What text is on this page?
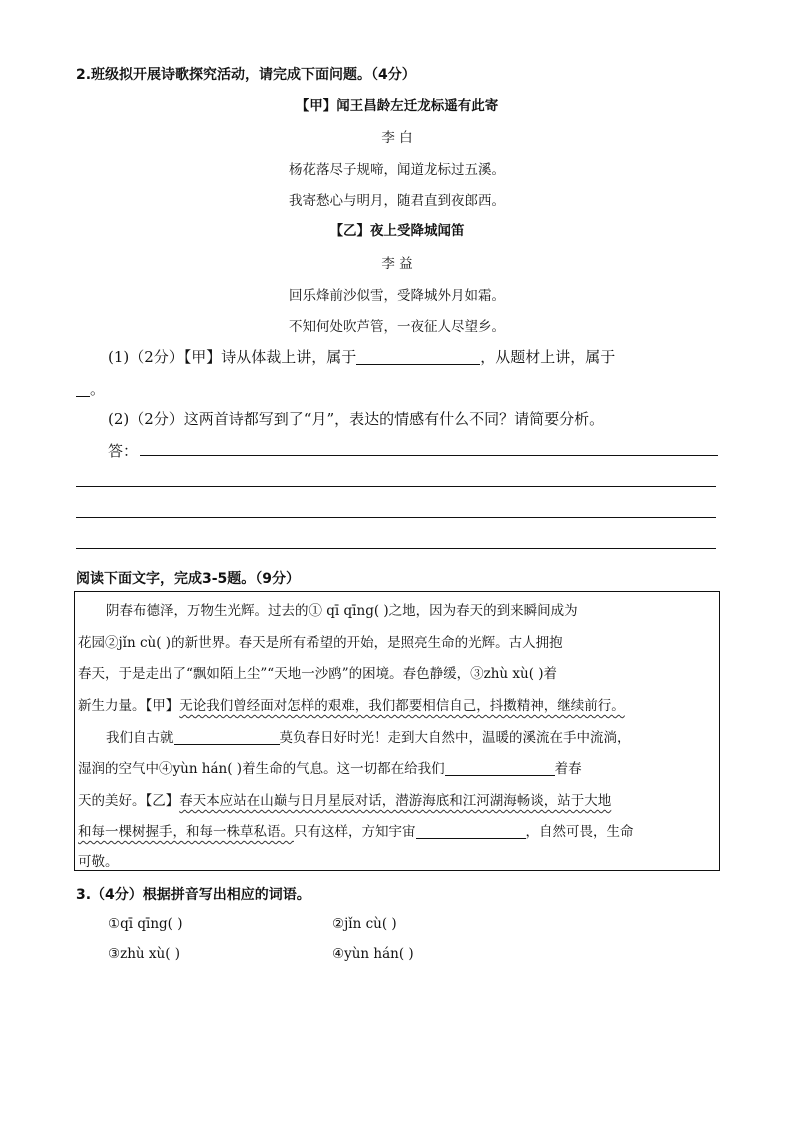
2.班级拟开展诗歌探究活动，请完成下面问题。（4分）
【甲】闻王昌龄左迁龙标遥有此寄
李 白
杨花落尽子规啼，闻道龙标过五溪。
我寄愁心与明月，随君直到夜郎西。
【乙】夜上受降城闻笛
李 益
回乐烽前沙似雪，受降城外月如霜。
不知何处吹芦管，一夜征人尽望乡。
(1)（2分）【甲】诗从体裁上讲，属于	，从题材上讲，属于
。
(2)（2分）这两首诗都写到了“月”，表达的情感有什么不同？请简要分析。
答：
阅读下面文字，完成3-5题。（9分）
阴春布德泽，万物生光辉。过去的① qī qīng( )之地，因为春天的到来瞬间成为
花园②jǐn cù( )的新世界。春天是所有希望的开始，是照亮生命的光辉。古人拥抱
春天，于是走出了“飘如陌上尘”“天地一沙鸥”的困境。春色静缓，③zhù xù( )着
新生力量。【甲】无论我们曾经面对怎样的艰难，我们都要相信自己，抖擞精神，继续前行。
我们自古就	莫负春日好时光！走到大自然中，温暖的溪流在手中流淌，
湿润的空气中④yùn hán( )着生命的气息。这一切都在给我们	着春
天的美好。【乙】春天本应站在山巅与日月星辰对话，潜游海底和江河湖海畅谈，站于大地
和每一棵树握手，和每一株草私语。只有这样，方知宇宙	，自然可畏，生命
可敬。
3.（4分）根据拼音写出相应的词语。
①qī qīng( )	②jǐn cù( )
③zhù xù( )	④yùn hán( )
